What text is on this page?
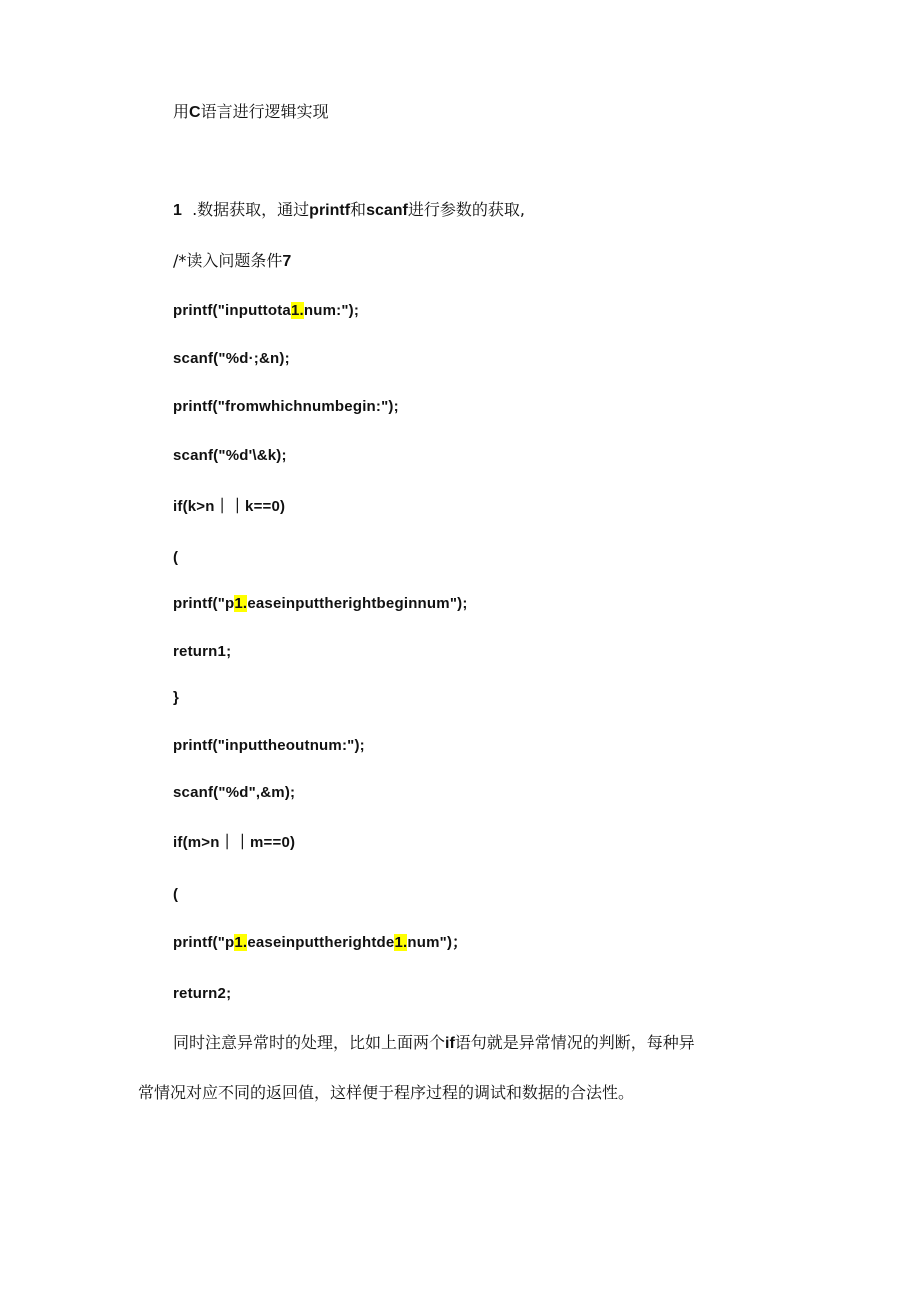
用C语言进行逻辑实现
1 .数据获取，通过printf和scanf进行参数的获取,
/*读入问题条件7
printf("inputtota1.num:");
scanf("%d·;&n);
printf("fromwhichnumbegin:");
scanf("%d'\&k);
if(k>n｜｜k==0)
(
printf("p1.easeinputtherightbeginnum");
return1;
}
printf("inputtheoutnum:");
scanf("%d",&m);
if(m>n｜｜m==0)
(
printf("p1.easeinputtherightde1.num")；
return2;
同时注意异常时的处理，比如上面两个if语句就是异常情况的判断，每种异
常情况对应不同的返回值，这样便于程序过程的调试和数据的合法性。
